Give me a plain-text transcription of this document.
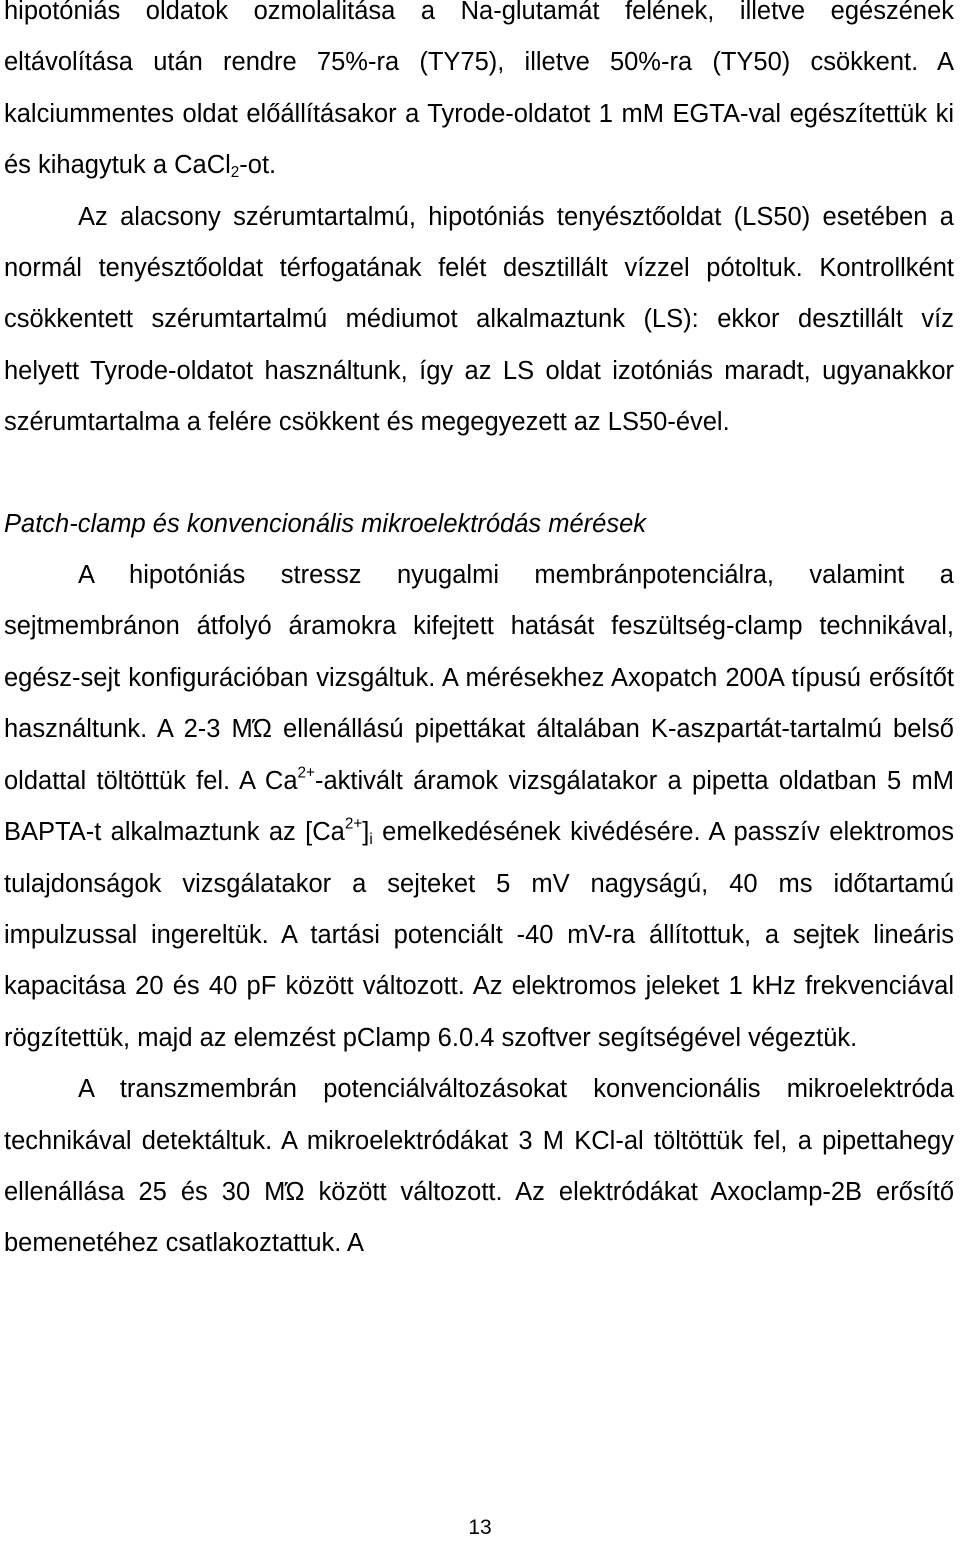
hipotóniás oldatok ozmolalitása a Na-glutamát felének, illetve egészének eltávolítása után rendre 75%-ra (TY75), illetve 50%-ra (TY50) csökkent. A kalciummentes oldat előállításakor a Tyrode-oldatot 1 mM EGTA-val egészítettük ki és kihagytuk a CaCl$_2$-ot.

Az alacsony szérumtartalmú, hipotóniás tenyésztőoldat (LS50) esetében a normál tenyésztőoldat térfogatának felét desztillált vízzel pótoltuk. Kontrollként csökkentett szérumtartalmú médiumot alkalmaztunk (LS): ekkor desztillált víz helyett Tyrode-oldatot használtunk, így az LS oldat izotóniás maradt, ugyanakkor szérumtartalma a felére csökkent és megegyezett az LS50-ével.

Patch-clamp és konvencionális mikroelektródás mérések

A hipotóniás stressz nyugalmi membránpotenciálra, valamint a sejtmembránon átfolyó áramokra kifejtett hatását feszültség-clamp technikával, egész-sejt konfigurációban vizsgáltuk. A mérésekhez Axopatch 200A típusú erősítőt használtunk. A 2-3 MΏ ellenállású pipettákat általában K-aszpartát-tartalmú belső oldattal töltöttük fel. A $Ca^{2+}$-aktivált áramok vizsgálatakor a pipetta oldatban 5 mM BAPTA-t alkalmaztunk az $[Ca^{2+}]_i$ emelkedésének kivédésére. A passzív elektromos tulajdonságok vizsgálatakor a sejteket 5 mV nagyságú, 40 ms időtartamú impulzussal ingereltük. A tartási potenciált -40 mV-ra állítottuk, a sejtek lineáris kapacitása 20 és 40 pF között változott. Az elektromos jeleket 1 kHz frekvenciával rögzítettük, majd az elemzést pClamp 6.0.4 szoftver segítségével végeztük.

A transzmembrán potenciálváltozásokat konvencionális mikroelektróda technikával detektáltuk. A mikroelektródákat 3 M KCl-al töltöttük fel, a pipettahegy ellenállása 25 és 30 MΏ között változott. Az elektródákat Axoclamp-2B erősítő bemenetéhez csatlakoztattuk. A

13
